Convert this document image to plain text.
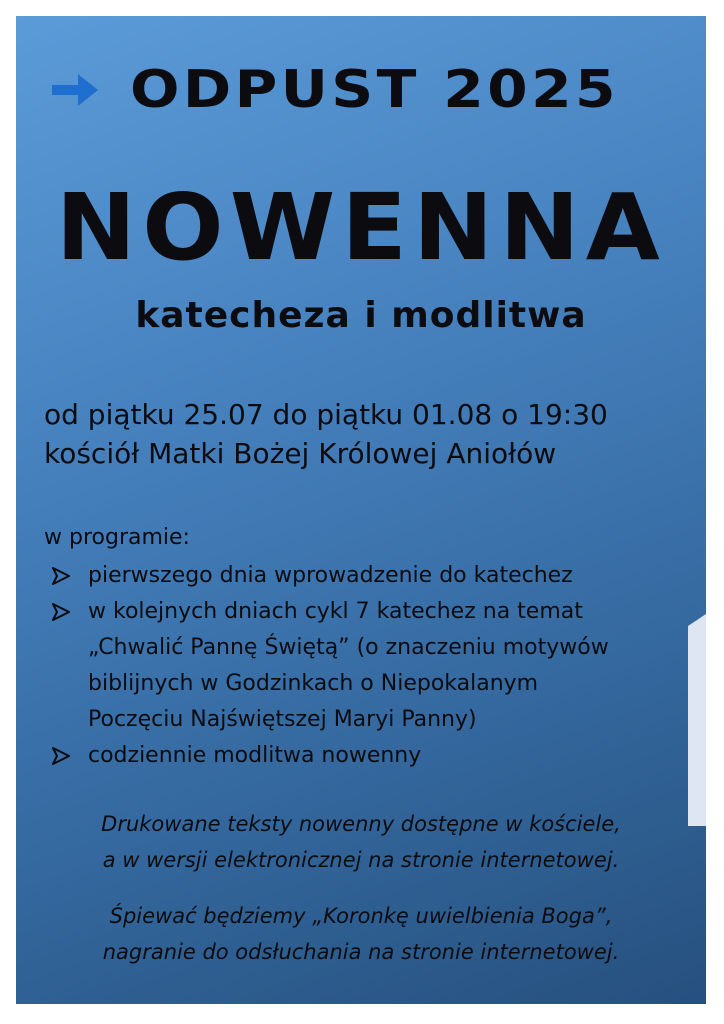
ODPUST 2025
NOWENNA
katecheza i modlitwa
od piątku 25.07 do piątku 01.08 o 19:30
kościół Matki Bożej Królowej Aniołów
w programie:
pierwszego dnia wprowadzenie do katechez
w kolejnych dniach cykl 7 katechez na temat
„Chwalić Pannę Świętą” (o znaczeniu motywów
biblijnych w Godzinkach o Niepokalanym
Poczęciu Najświętszej Maryi Panny)
codziennie modlitwa nowenny
Drukowane teksty nowenny dostępne w kościele,
a w wersji elektronicznej na stronie internetowej.
Śpiewać będziemy „Koronkę uwielbienia Boga”,
nagranie do odsłuchania na stronie internetowej.
